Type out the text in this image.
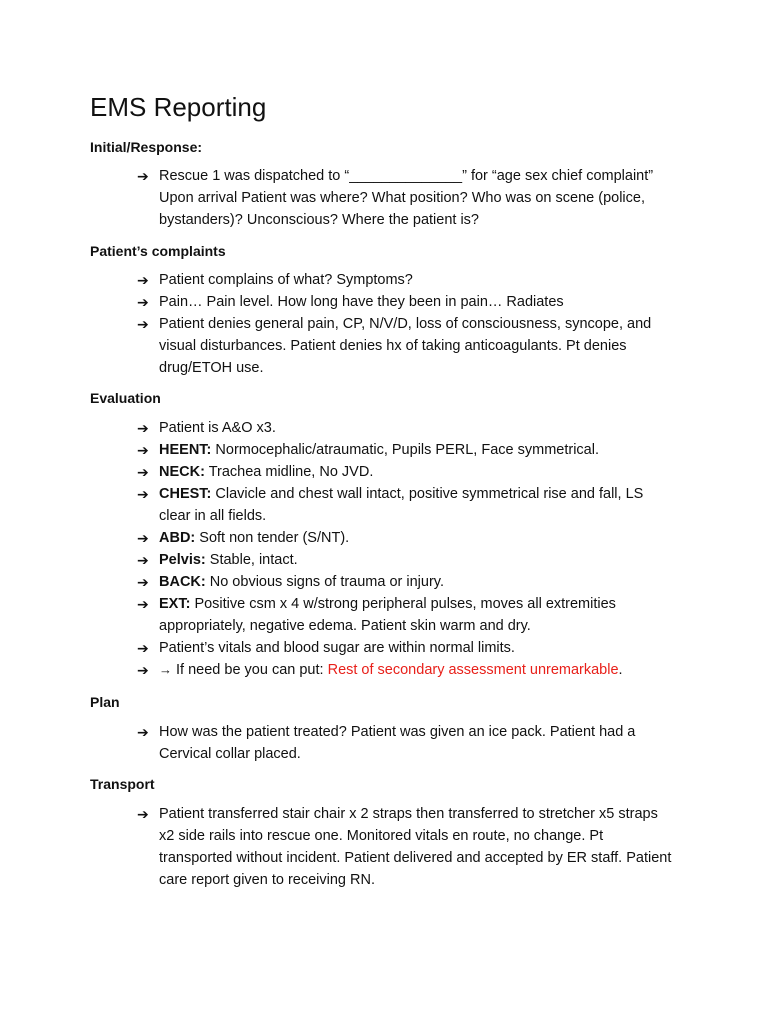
EMS Reporting
Initial/Response:
➔ Rescue 1 was dispatched to “______________” for “age sex chief complaint” Upon arrival Patient was where? What position? Who was on scene (police, bystanders)? Unconscious? Where the patient is?
Patient’s complaints
➔ Patient complains of what? Symptoms?
➔ Pain… Pain level. How long have they been in pain… Radiates
➔ Patient denies general pain, CP, N/V/D, loss of consciousness, syncope, and visual disturbances. Patient denies hx of taking anticoagulants. Pt denies drug/ETOH use.
Evaluation
➔ Patient is A&O x3.
➔ HEENT: Normocephalic/atraumatic, Pupils PERL, Face symmetrical.
➔ NECK: Trachea midline, No JVD.
➔ CHEST: Clavicle and chest wall intact, positive symmetrical rise and fall, LS clear in all fields.
➔ ABD: Soft non tender (S/NT).
➔ Pelvis: Stable, intact.
➔ BACK: No obvious signs of trauma or injury.
➔ EXT: Positive csm x 4 w/strong peripheral pulses, moves all extremities appropriately, negative edema. Patient skin warm and dry.
➔ Patient’s vitals and blood sugar are within normal limits.
➔ → If need be you can put: Rest of secondary assessment unremarkable.
Plan
➔ How was the patient treated? Patient was given an ice pack. Patient had a Cervical collar placed.
Transport
➔ Patient transferred stair chair x 2 straps then transferred to stretcher x5 straps x2 side rails into rescue one. Monitored vitals en route, no change. Pt transported without incident. Patient delivered and accepted by ER staff. Patient care report given to receiving RN.
